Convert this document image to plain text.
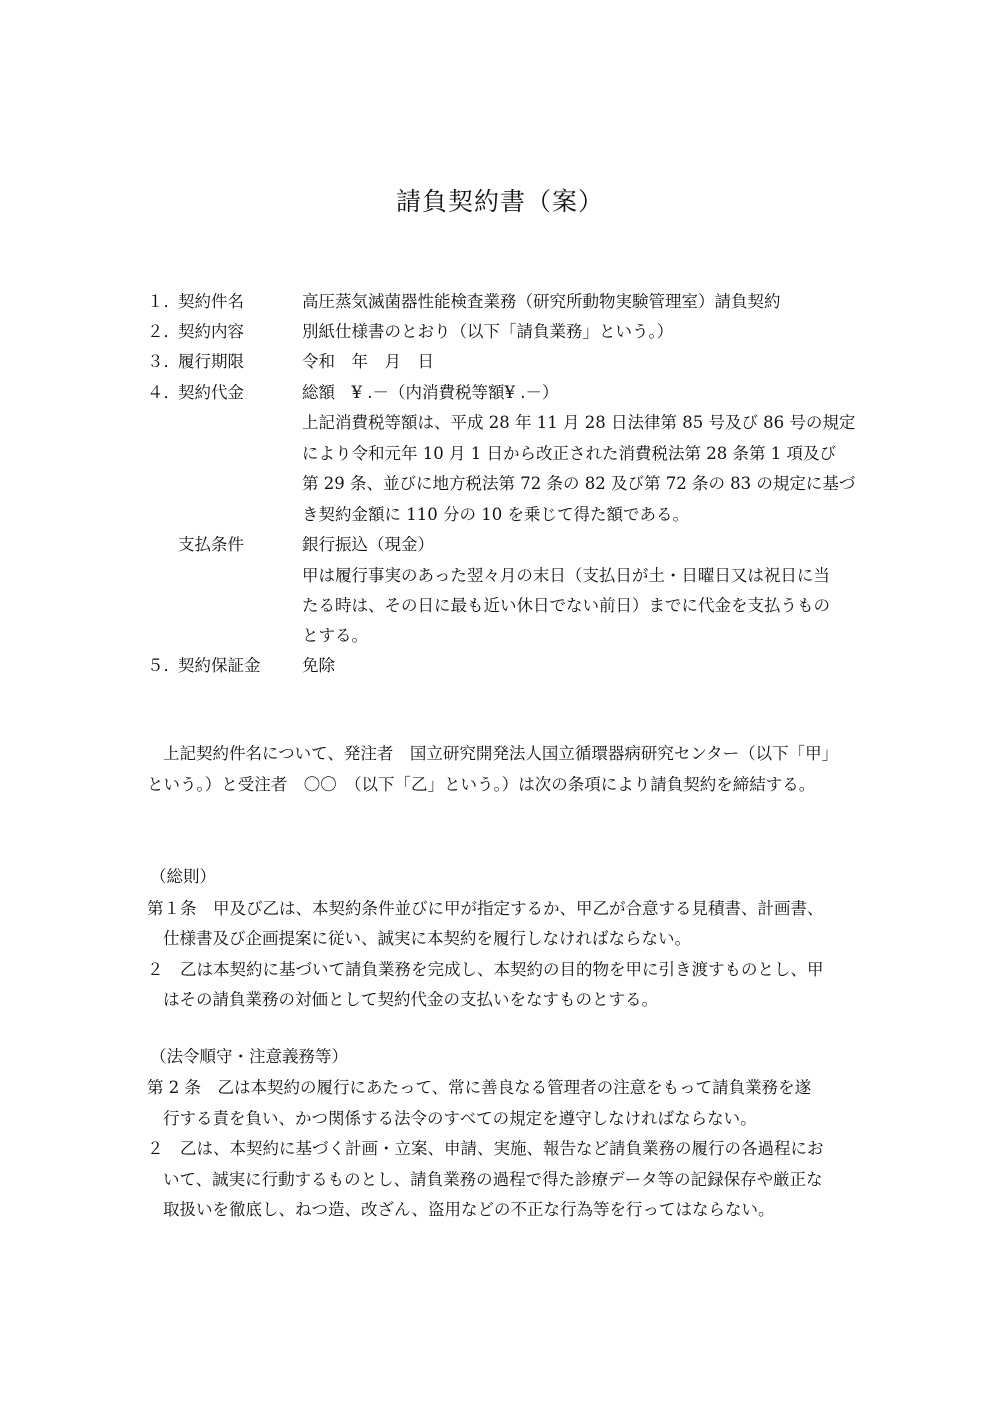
請負契約書（案）
１．
契約件名	高圧蒸気滅菌器性能検査業務（研究所動物実験管理室）請負契約
２．
契約内容	別紙仕様書のとおり（以下「請負業務」という。）
３．
履行期限	令和　年　月　日
４．
契約代金	総額　¥ .－（内消費税等額¥ .－）
上記消費税等額は、平成 28 年 11 月 28 日法律第 85 号及び 86 号の規定
により令和元年 10 月 1 日から改正された消費税法第 28 条第 1 項及び
第 29 条、並びに地方税法第 72 条の 82 及び第 72 条の 83 の規定に基づ
き契約金額に 110 分の 10 を乗じて得た額である。
支払条件	銀行振込（現金）
甲は履行事実のあった翌々月の末日（支払日が土・日曜日又は祝日に当
たる時は、その日に最も近い休日でない前日）までに代金を支払うもの
とする。
５．
契約保証金	免除
上記契約件名について、発注者　国立研究開発法人国立循環器病研究センター（以下「甲」
という。）と受注者　〇〇　（以下「乙」という。）は次の条項により請負契約を締結する。
（総則）
第１条　甲及び乙は、本契約条件並びに甲が指定するか、甲乙が合意する見積書、計画書、
仕様書及び企画提案に従い、誠実に本契約を履行しなければならない。
２　乙は本契約に基づいて請負業務を完成し、本契約の目的物を甲に引き渡すものとし、甲
はその請負業務の対価として契約代金の支払いをなすものとする。
（法令順守・注意義務等）
第 2 条　乙は本契約の履行にあたって、常に善良なる管理者の注意をもって請負業務を遂
行する責を負い、かつ関係する法令のすべての規定を遵守しなければならない。
２　乙は、本契約に基づく計画・立案、申請、実施、報告など請負業務の履行の各過程にお
いて、誠実に行動するものとし、請負業務の過程で得た診療データ等の記録保存や厳正な
取扱いを徹底し、ねつ造、改ざん、盗用などの不正な行為等を行ってはならない。
